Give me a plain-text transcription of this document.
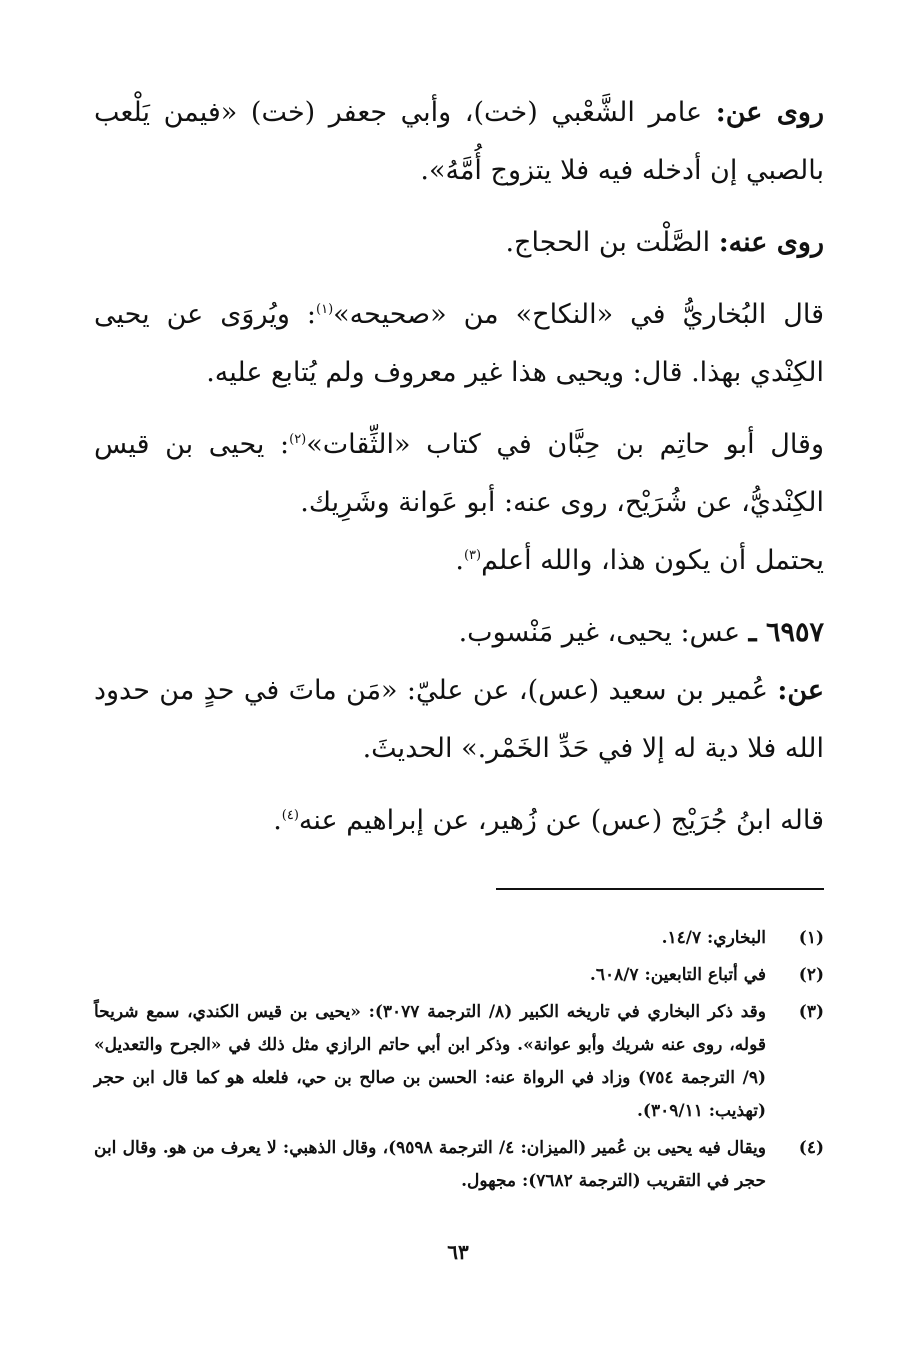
روى عن: عامر الشَّعْبي (خت)، وأبي جعفر (خت) «فيمن يَلْعب بالصبي إن أدخله فيه فلا يتزوج أُمَّهُ».

روى عنه: الصَّلْت بن الحجاج.

قال البُخاريُّ في «النكاح» من «صحيحه»$^{(١)}$: ويُروَى عن يحيى الكِنْدي بهذا. قال: ويحيى هذا غير معروف ولم يُتابع عليه.

وقال أبو حاتِم بن حِبَّان في كتاب «الثِّقات»$^{(٢)}$: يحيى بن قيس الكِنْديُّ، عن شُرَيْح، روى عنه: أبو عَوانة وشَرِيك.

يحتمل أن يكون هذا، والله أعلم$^{(٣)}$.

٦٩٥٧ ـ عس: يحيى، غير مَنْسوب.

عن: عُمير بن سعيد (عس)، عن عليّ: «مَن ماتَ في حدٍ من حدود الله فلا دية له إلا في حَدِّ الخَمْر.» الحديثَ.

قاله ابنُ جُرَيْج (عس) عن زُهير، عن إبراهيم عنه$^{(٤)}$.

(١)
البخاري: ١٤/٧.
(٢)
في أتباع التابعين: ٦٠٨/٧.
(٣)
وقد ذكر البخاري في تاريخه الكبير (٨/ الترجمة ٣٠٧٧): «يحيى بن قيس الكندي، سمع شريحاً قوله، روى عنه شريك وأبو عوانة». وذكر ابن أبي حاتم الرازي مثل ذلك في «الجرح والتعديل» (٩/ الترجمة ٧٥٤) وزاد في الرواة عنه: الحسن بن صالح بن حي، فلعله هو كما قال ابن حجر (تهذيب: ٣٠٩/١١).
(٤)
ويقال فيه يحيى بن عُمير (الميزان: ٤/ الترجمة ٩٥٩٨)، وقال الذهبي: لا يعرف من هو. وقال ابن حجر في التقريب (الترجمة ٧٦٨٢): مجهول.
٦٣
